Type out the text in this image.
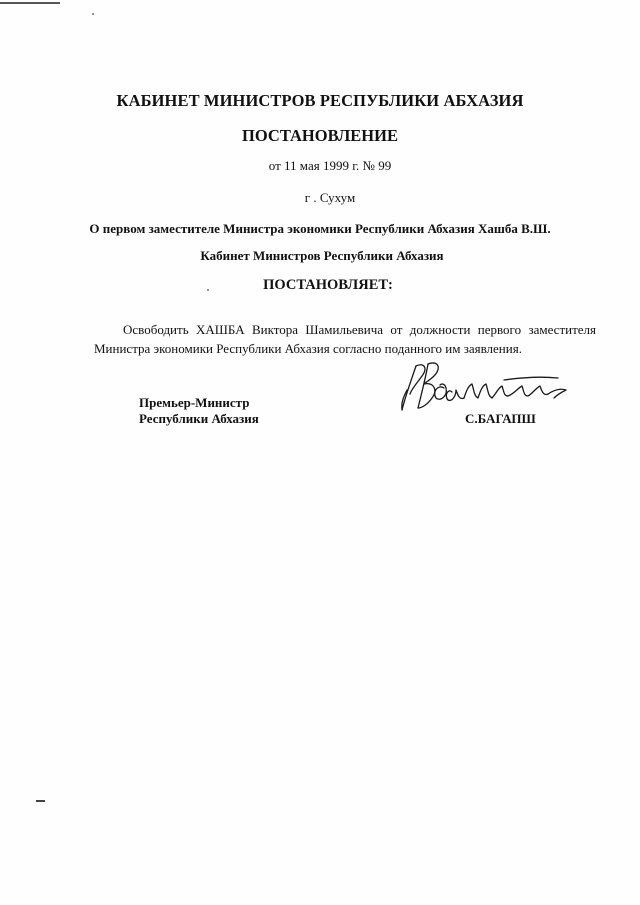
КАБИНЕТ МИНИСТРОВ РЕСПУБЛИКИ АБХАЗИЯ
ПОСТАНОВЛЕНИЕ
от 11 мая 1999 г. № 99
г . Сухум
О первом заместителе Министра экономики Республики Абхазия Хашба В.Ш.
Кабинет Министров Республики Абхазия
ПОСТАНОВЛЯЕТ:
Освободить ХАШБА Виктора Шамильевича от должности первого заместителя
Министра экономики Республики Абхазия согласно поданного им заявления.
Премьер-Министр
Республики Абхазия	С.БАГАПШ
